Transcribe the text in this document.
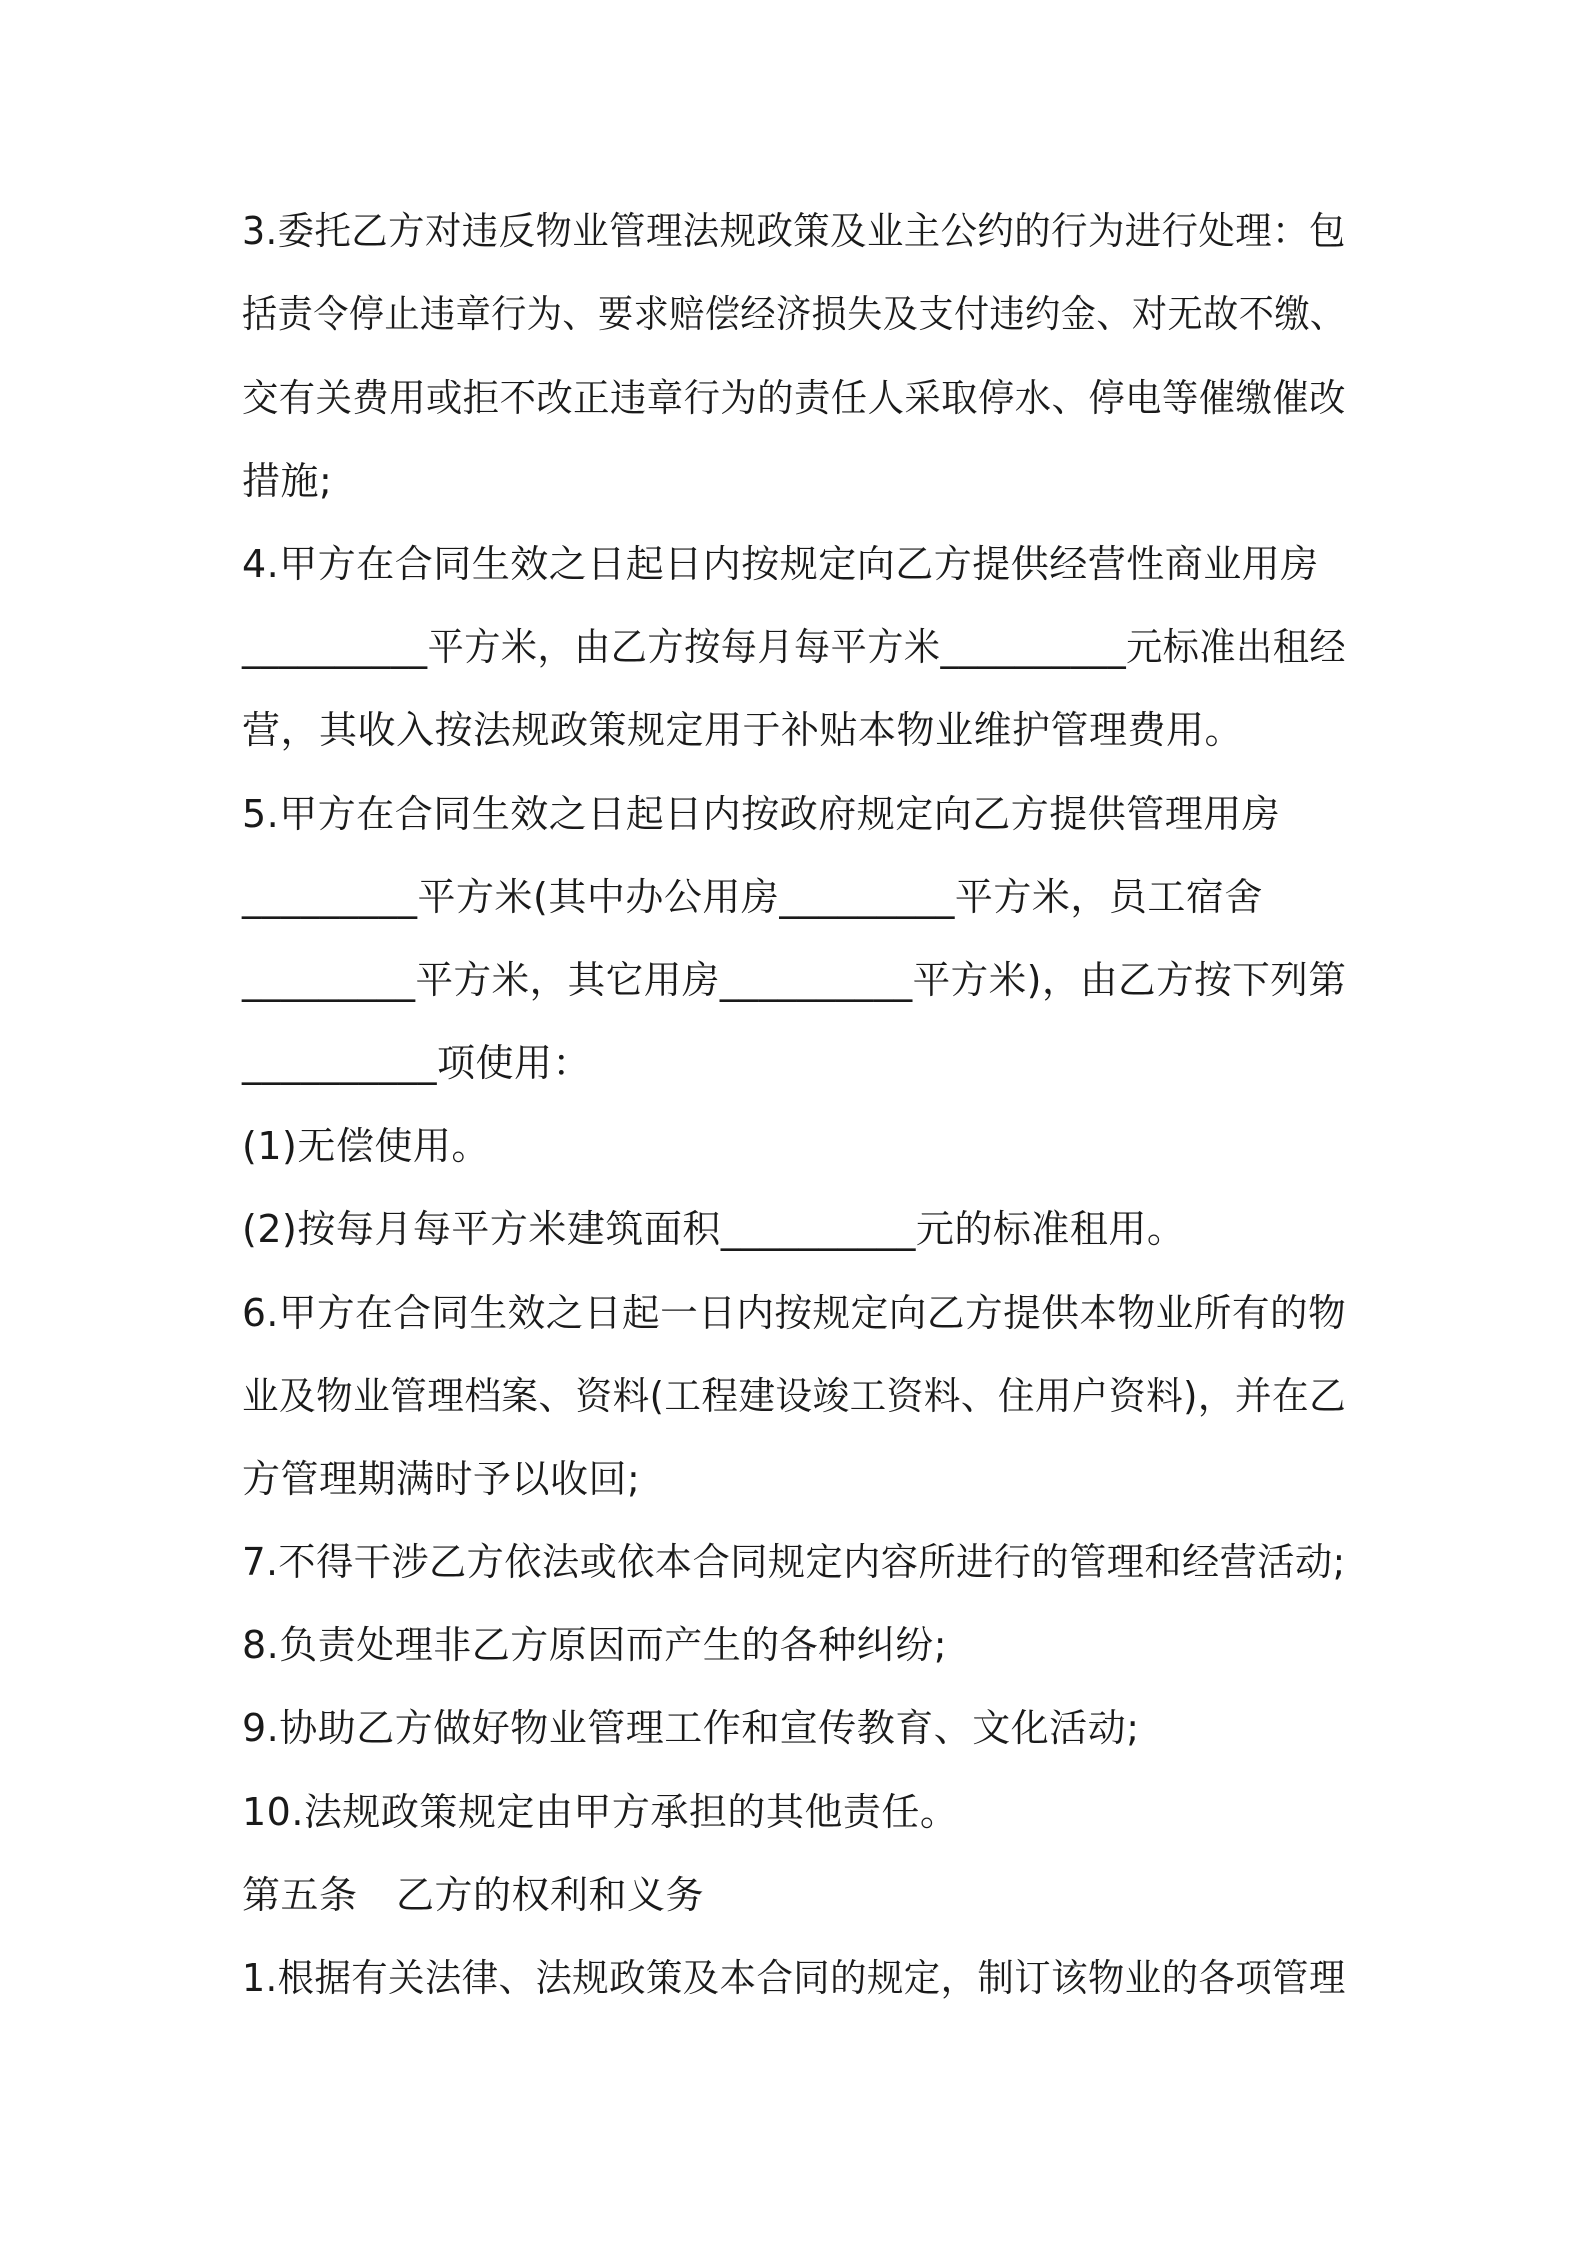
3.委托乙方对违反物业管理法规政策及业主公约的行为进行处理：包

括责令停止违章行为、要求赔偿经济损失及支付违约金、对无故不缴、

交有关费用或拒不改正违章行为的责任人采取停水、停电等催缴催改

措施;

4.甲方在合同生效之日起日内按规定向乙方提供经营性商业用房

__________平方米，由乙方按每月每平方米__________元标准出租经

营，其收入按法规政策规定用于补贴本物业维护管理费用。

5.甲方在合同生效之日起日内按政府规定向乙方提供管理用房

_________平方米(其中办公用房_________平方米，员工宿舍

_________平方米，其它用房__________平方米)，由乙方按下列第

__________项使用：

(1)无偿使用。

(2)按每月每平方米建筑面积__________元的标准租用。

6.甲方在合同生效之日起一日内按规定向乙方提供本物业所有的物

业及物业管理档案、资料(工程建设竣工资料、住用户资料)，并在乙

方管理期满时予以收回;

7.不得干涉乙方依法或依本合同规定内容所进行的管理和经营活动;

8.负责处理非乙方原因而产生的各种纠纷;

9.协助乙方做好物业管理工作和宣传教育、文化活动;

10.法规政策规定由甲方承担的其他责任。

第五条　乙方的权利和义务

1.根据有关法律、法规政策及本合同的规定，制订该物业的各项管理
